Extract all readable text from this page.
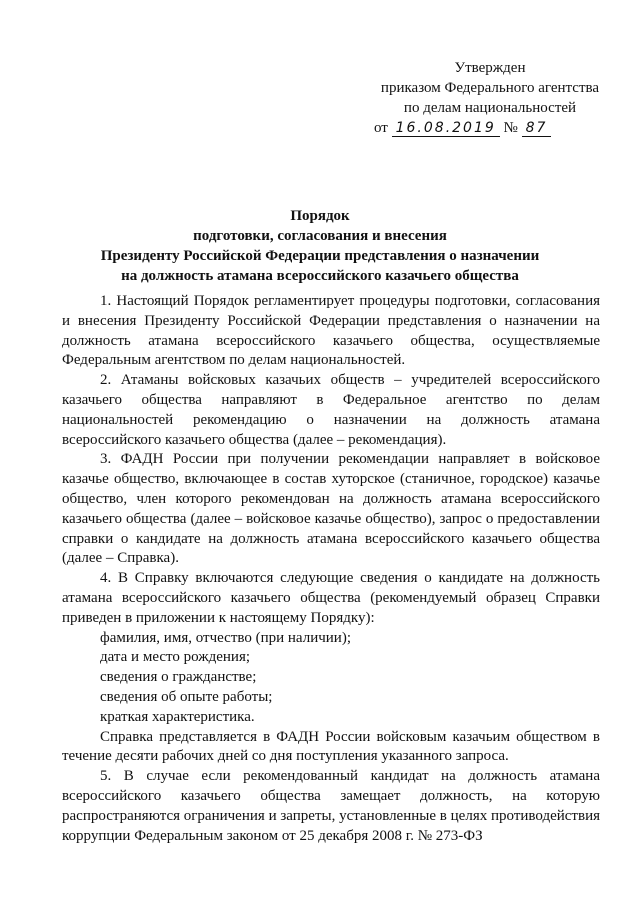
Утвержден
приказом Федерального агентства
по делам национальностей
от 16.08.2019 № 87
Порядок
подготовки, согласования и внесения
Президенту Российской Федерации представления о назначении
на должность атамана всероссийского казачьего общества

1. Настоящий Порядок регламентирует процедуры подготовки, согласования и внесения Президенту Российской Федерации представления о назначении на должность атамана всероссийского казачьего общества, осуществляемые Федеральным агентством по делам национальностей.

2. Атаманы войсковых казачьих обществ – учредителей всероссийского казачьего общества направляют в Федеральное агентство по делам национальностей рекомендацию о назначении на должность атамана всероссийского казачьего общества (далее – рекомендация).

3. ФАДН России при получении рекомендации направляет в войсковое казачье общество, включающее в состав хуторское (станичное, городское) казачье общество, член которого рекомендован на должность атамана всероссийского казачьего общества (далее – войсковое казачье общество), запрос о предоставлении справки о кандидате на должность атамана всероссийского казачьего общества (далее – Справка).

4. В Справку включаются следующие сведения о кандидате на должность атамана всероссийского казачьего общества (рекомендуемый образец Справки приведен в приложении к настоящему Порядку):

фамилия, имя, отчество (при наличии);

дата и место рождения;

сведения о гражданстве;

сведения об опыте работы;

краткая характеристика.

Справка представляется в ФАДН России войсковым казачьим обществом в течение десяти рабочих дней со дня поступления указанного запроса.

5. В случае если рекомендованный кандидат на должность атамана всероссийского казачьего общества замещает должность, на которую распространяются ограничения и запреты, установленные в целях противодействия коррупции Федеральным законом от 25 декабря 2008 г. № 273-ФЗ
